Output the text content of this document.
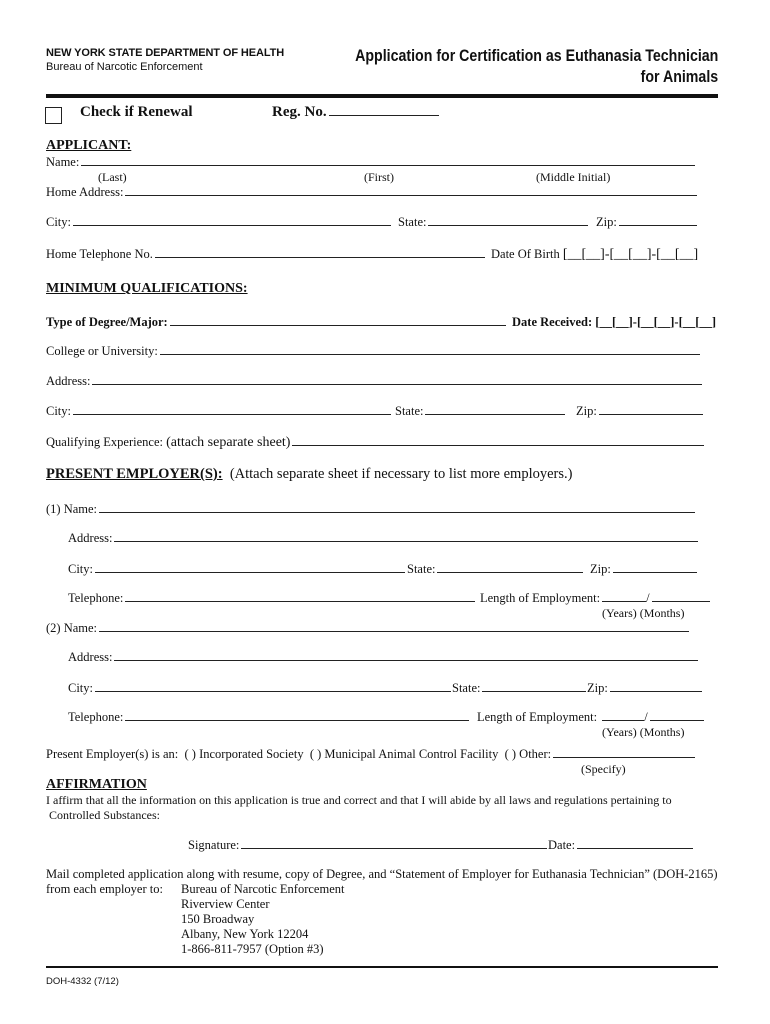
NEW YORK STATE DEPARTMENT OF HEALTH
Bureau of Narcotic Enforcement
Application for Certification as Euthanasia Technician
for Animals
Check if Renewal	Reg. No.
APPLICANT:
Name:
(Last)	(First)	(Middle Initial)
Home Address:
City:	State:	Zip:
Home Telephone No.	Date Of Birth [__[__]-[__[__]-[__[__]
MINIMUM QUALIFICATIONS:
Type of Degree/Major:	Date Received: [__[__]-[__[__]-[__[__]
College or University:
Address:
City:	State:	Zip:
Qualifying Experience: (attach separate sheet)
PRESENT EMPLOYER(S): (Attach separate sheet if necessary to list more employers.)
(1) Name:
Address:
City:	State:	Zip:
Telephone:	Length of Employment:	/
(Years) (Months)
(2) Name:
Address:
City:	State:	Zip:
Telephone:	Length of Employment:	/
(Years) (Months)
Present Employer(s) is an: ( ) Incorporated Society ( ) Municipal Animal Control Facility ( ) Other:
(Specify)
AFFIRMATION
I affirm that all the information on this application is true and correct and that I will abide by all laws and regulations pertaining to
Controlled Substances:
Signature:	Date:
Mail completed application along with resume, copy of Degree, and “Statement of Employer for Euthanasia Technician” (DOH-2165)
from each employer to: Bureau of Narcotic Enforcement
Riverview Center
150 Broadway
Albany, New York 12204
1-866-811-7957 (Option #3)
DOH-4332 (7/12)
